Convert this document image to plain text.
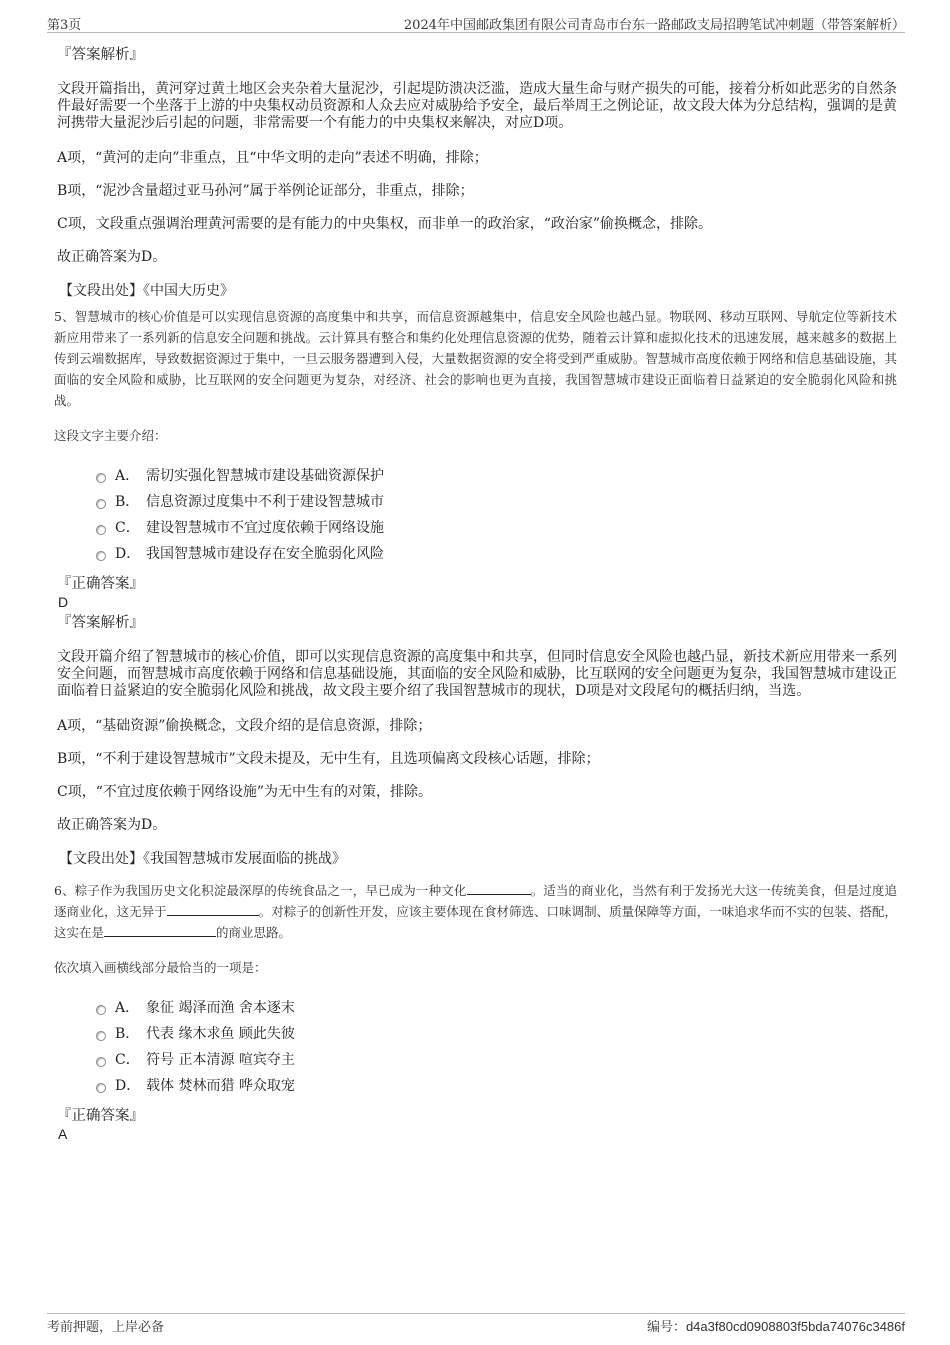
第3页	2024年中国邮政集团有限公司青岛市台东一路邮政支局招聘笔试冲刺题（带答案解析）
『答案解析』

文段开篇指出，黄河穿过黄土地区会夹杂着大量泥沙，引起堤防溃决泛滥，造成大量生命与财产损失的可能，接着分析如此恶劣的自然条件最好需要一个坐落于上游的中央集权动员资源和人众去应对威胁给予安全，最后举周王之例论证，故文段大体为分总结构，强调的是黄河携带大量泥沙后引起的问题，非常需要一个有能力的中央集权来解决，对应D项。

A项，“黄河的走向”非重点，且“中华文明的走向”表述不明确，排除；

B项，“泥沙含量超过亚马孙河”属于举例论证部分，非重点，排除；

C项，文段重点强调治理黄河需要的是有能力的中央集权，而非单一的政治家，“政治家”偷换概念，排除。

故正确答案为D。

【文段出处】《中国大历史》

5、智慧城市的核心价值是可以实现信息资源的高度集中和共享，而信息资源越集中，信息安全风险也越凸显。物联网、移动互联网、导航定位等新技术新应用带来了一系列新的信息安全问题和挑战。云计算具有整合和集约化处理信息资源的优势，随着云计算和虚拟化技术的迅速发展，越来越多的数据上传到云端数据库，导致数据资源过于集中，一旦云服务器遭到入侵，大量数据资源的安全将受到严重威胁。智慧城市高度依赖于网络和信息基础设施，其面临的安全风险和威胁，比互联网的安全问题更为复杂，对经济、社会的影响也更为直接，我国智慧城市建设正面临着日益紧迫的安全脆弱化风险和挑战。

这段文字主要介绍：

A． 需切实强化智慧城市建设基础资源保护
B． 信息资源过度集中不利于建设智慧城市
C． 建设智慧城市不宜过度依赖于网络设施
D． 我国智慧城市建设存在安全脆弱化风险
『正确答案』
D
『答案解析』

文段开篇介绍了智慧城市的核心价值，即可以实现信息资源的高度集中和共享，但同时信息安全风险也越凸显，新技术新应用带来一系列安全问题，而智慧城市高度依赖于网络和信息基础设施，其面临的安全风险和威胁，比互联网的安全问题更为复杂，我国智慧城市建设正面临着日益紧迫的安全脆弱化风险和挑战，故文段主要介绍了我国智慧城市的现状，D项是对文段尾句的概括归纳，当选。

A项，“基础资源”偷换概念，文段介绍的是信息资源，排除；

B项，“不利于建设智慧城市”文段未提及，无中生有，且选项偏离文段核心话题，排除；

C项，“不宜过度依赖于网络设施”为无中生有的对策，排除。

故正确答案为D。

【文段出处】《我国智慧城市发展面临的挑战》

6、粽子作为我国历史文化积淀最深厚的传统食品之一，早已成为一种文化	。适当的商业化，当然有利于发扬光大这一传统美食，但是过度追逐商业化，这无异于	。对粽子的创新性开发，应该主要体现在食材筛选、口味调制、质量保障等方面，一味追求华而不实的包装、搭配，这实在是	的商业思路。

依次填入画横线部分最恰当的一项是：

A． 象征 竭泽而渔 舍本逐末
B． 代表 缘木求鱼 顾此失彼
C． 符号 正本清源 喧宾夺主
D． 载体 焚林而猎 哗众取宠
『正确答案』
A
考前押题，上岸必备	编号：d4a3f80cd0908803f5bda74076c3486f
